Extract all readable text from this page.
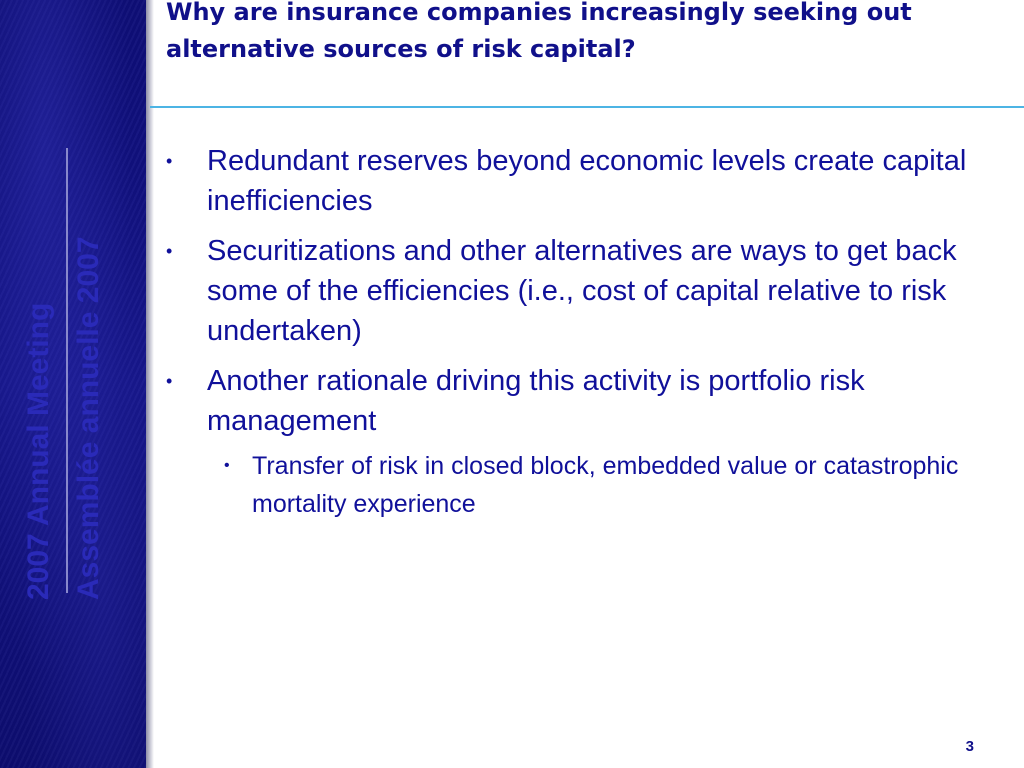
2007 Annual Meeting Assemblée annuelle 2007
Why are insurance companies increasingly seeking out alternative sources of risk capital?
• Redundant reserves beyond economic levels create capital inefficiencies
• Securitizations and other alternatives are ways to get back some of the efficiencies (i.e., cost of capital relative to risk undertaken)
• Another rationale driving this activity is portfolio risk management
• Transfer of risk in closed block, embedded value or catastrophic mortality experience
3
